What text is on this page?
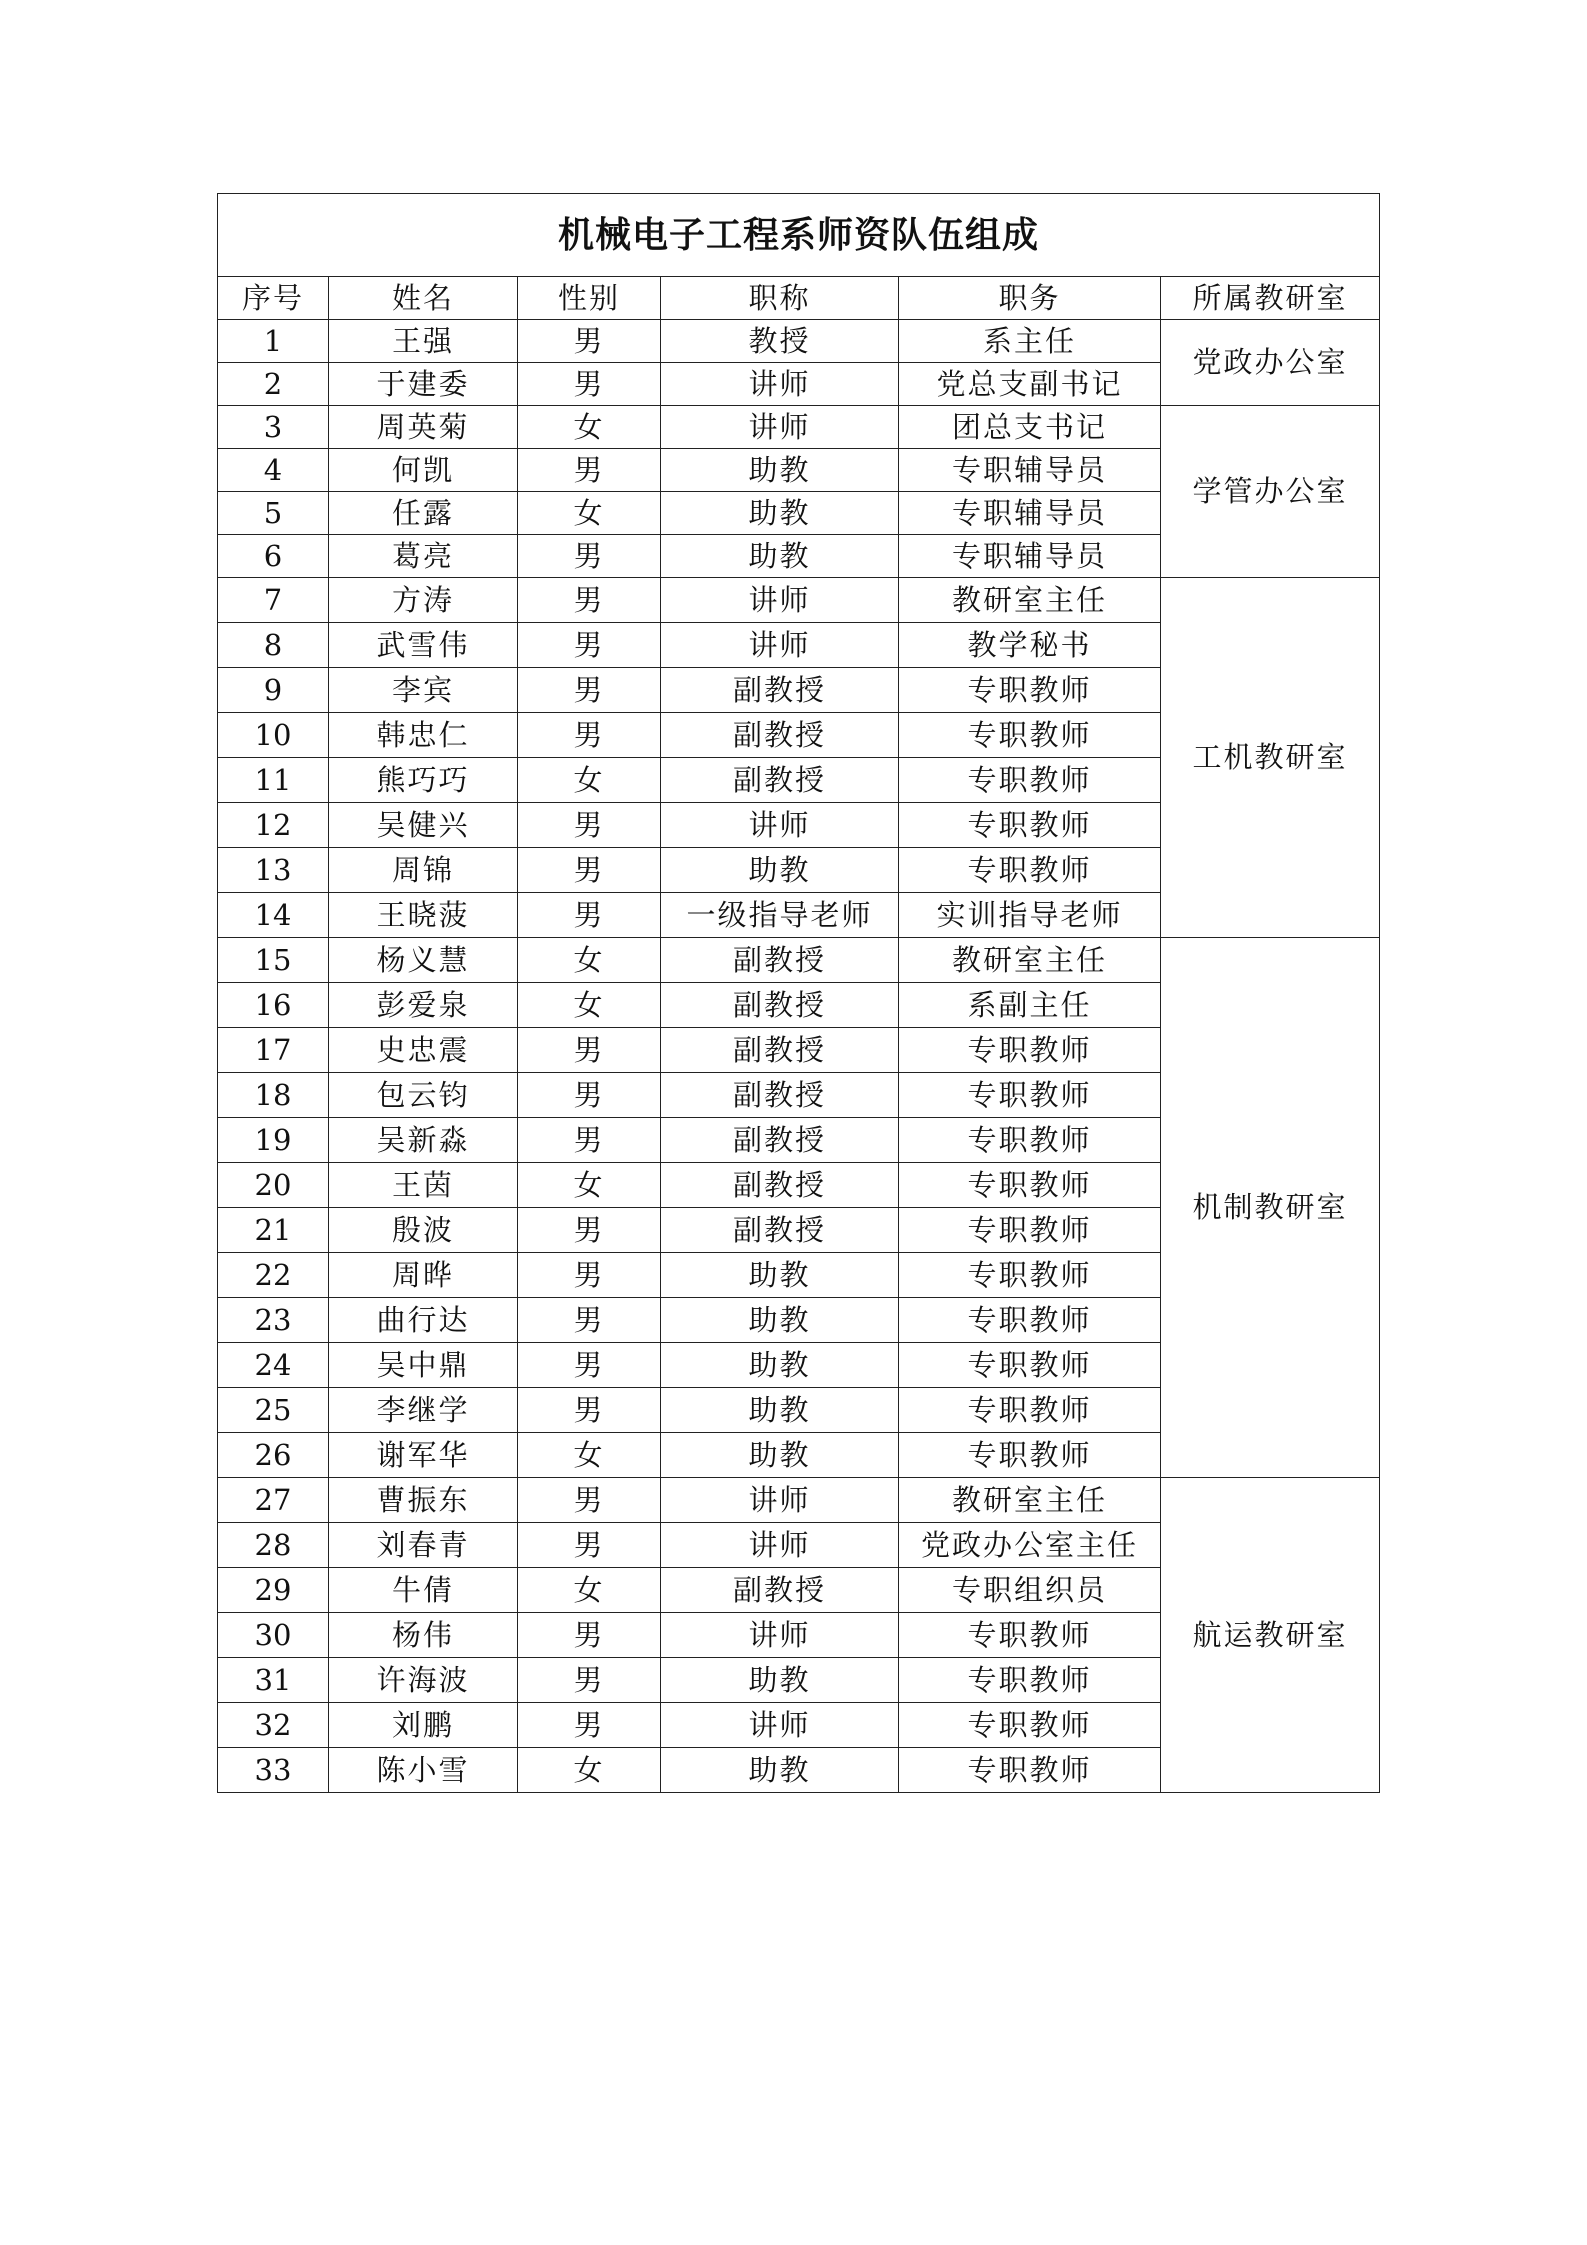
机械电子工程系师资队伍组成					
序号	姓名	性别	职称	职务	所属教研室
1	王强	男	教授	系主任	党政办公室
2	于建委	男	讲师	党总支副书记	
3	周英菊	女	讲师	团总支书记	学管办公室
4	何凯	男	助教	专职辅导员	
5	任露	女	助教	专职辅导员	
6	葛亮	男	助教	专职辅导员	
7	方涛	男	讲师	教研室主任	工机教研室
8	武雪伟	男	讲师	教学秘书	
9	李宾	男	副教授	专职教师	
10	韩忠仁	男	副教授	专职教师	
11	熊巧巧	女	副教授	专职教师	
12	吴健兴	男	讲师	专职教师	
13	周锦	男	助教	专职教师	
14	王晓菠	男	一级指导老师	实训指导老师	
15	杨义慧	女	副教授	教研室主任	机制教研室
16	彭爱泉	女	副教授	系副主任	
17	史忠震	男	副教授	专职教师	
18	包云钧	男	副教授	专职教师	
19	吴新淼	男	副教授	专职教师	
20	王茵	女	副教授	专职教师	
21	殷波	男	副教授	专职教师	
22	周晔	男	助教	专职教师	
23	曲行达	男	助教	专职教师	
24	吴中鼎	男	助教	专职教师	
25	李继学	男	助教	专职教师	
26	谢军华	女	助教	专职教师	
27	曹振东	男	讲师	教研室主任	航运教研室
28	刘春青	男	讲师	党政办公室主任	
29	牛倩	女	副教授	专职组织员	
30	杨伟	男	讲师	专职教师	
31	许海波	男	助教	专职教师	
32	刘鹏	男	讲师	专职教师	
33	陈小雪	女	助教	专职教师	
